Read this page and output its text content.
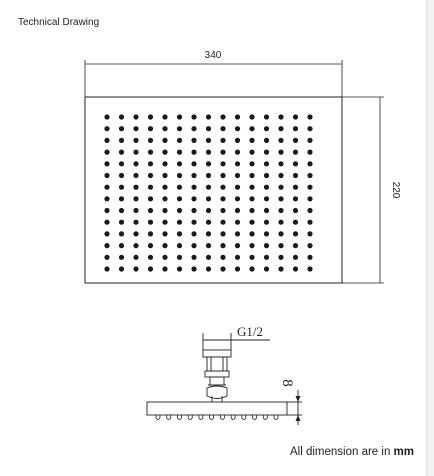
Technical Drawing
340
220
G1/2
8
All dimension are in mm
